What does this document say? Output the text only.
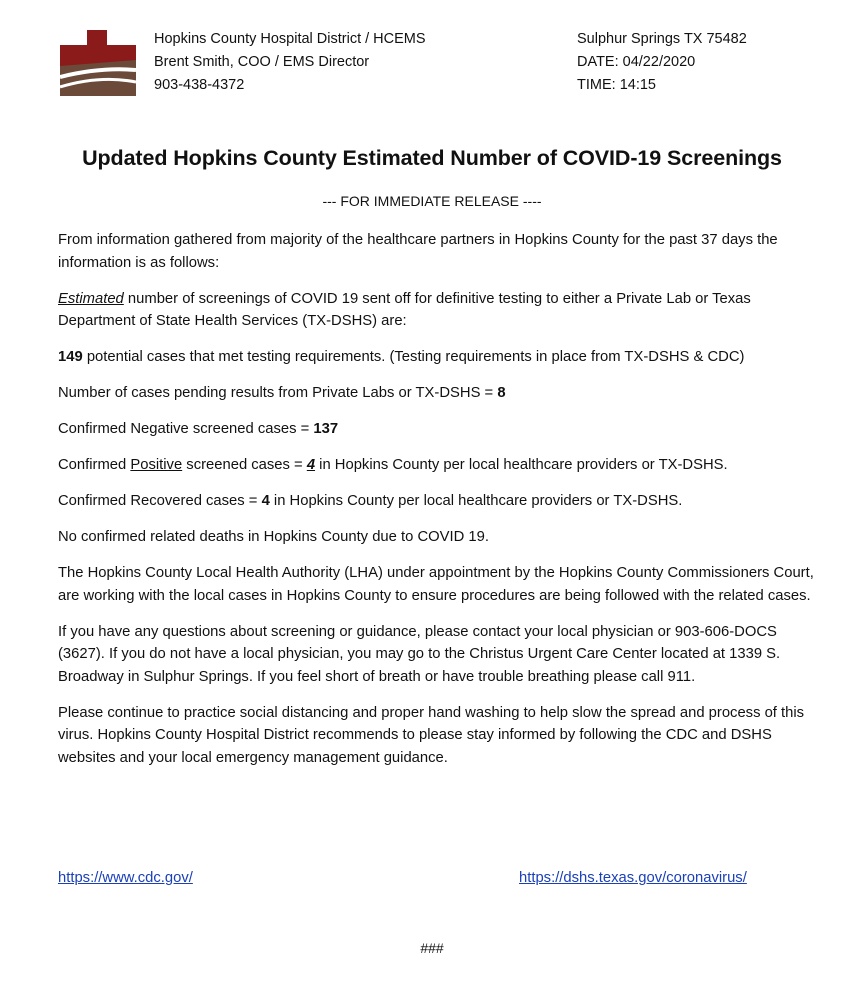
Hopkins County Hospital District / HCEMS
Brent Smith, COO / EMS Director
903-438-4372
Sulphur Springs TX 75482
DATE: 04/22/2020
TIME: 14:15
Updated Hopkins County Estimated Number of COVID-19 Screenings
--- FOR IMMEDIATE RELEASE ----

From information gathered from majority of the healthcare partners in Hopkins County for the past 37 days the information is as follows:

Estimated number of screenings of COVID 19 sent off for definitive testing to either a Private Lab or Texas Department of State Health Services (TX-DSHS) are:

149 potential cases that met testing requirements. (Testing requirements in place from TX-DSHS & CDC)

Number of cases pending results from Private Labs or TX-DSHS = 8

Confirmed Negative screened cases = 137

Confirmed Positive screened cases = 4 in Hopkins County per local healthcare providers or TX-DSHS.

Confirmed Recovered cases = 4 in Hopkins County per local healthcare providers or TX-DSHS.

No confirmed related deaths in Hopkins County due to COVID 19.

The Hopkins County Local Health Authority (LHA) under appointment by the Hopkins County Commissioners Court, are working with the local cases in Hopkins County to ensure procedures are being followed with the related cases.

If you have any questions about screening or guidance, please contact your local physician or 903-606-DOCS (3627). If you do not have a local physician, you may go to the Christus Urgent Care Center located at 1339 S. Broadway in Sulphur Springs. If you feel short of breath or have trouble breathing please call 911.

Please continue to practice social distancing and proper hand washing to help slow the spread and process of this virus. Hopkins County Hospital District recommends to please stay informed by following the CDC and DSHS websites and your local emergency management guidance.

https://www.cdc.gov/	https://dshs.texas.gov/coronavirus/
###
